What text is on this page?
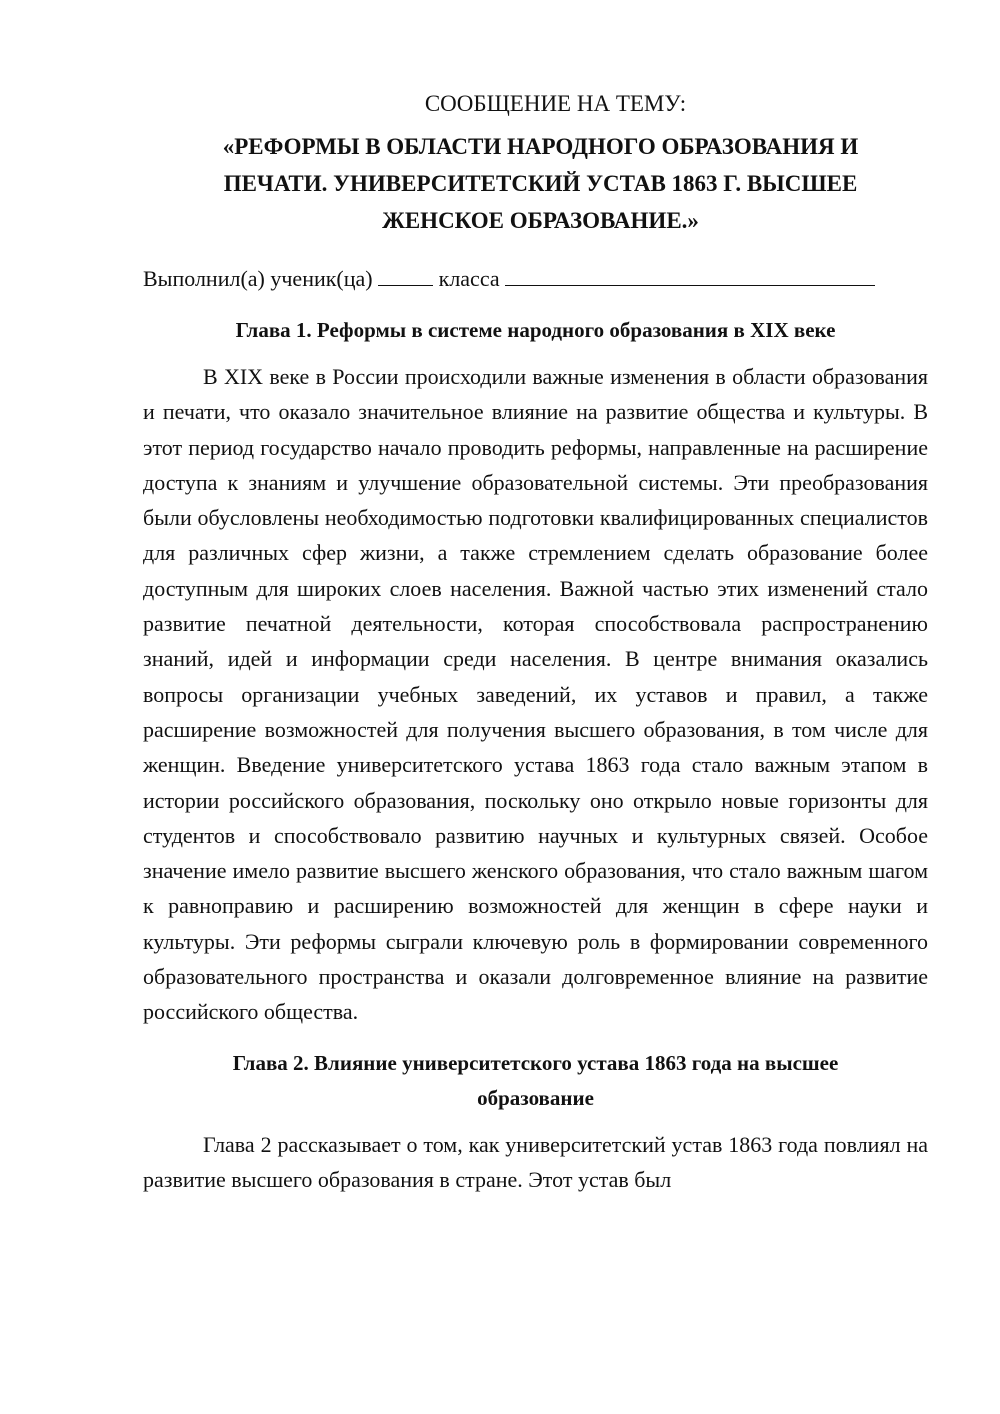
СООБЩЕНИЕ НА ТЕМУ:

«РЕФОРМЫ В ОБЛАСТИ НАРОДНОГО ОБРАЗОВАНИЯ И ПЕЧАТИ. УНИВЕРСИТЕТСКИЙ УСТАВ 1863 Г. ВЫСШЕЕ ЖЕНСКОЕ ОБРАЗОВАНИЕ.»

Выполнил(а) ученик(ца)	класса

Глава 1. Реформы в системе народного образования в XIX веке

В XIX веке в России происходили важные изменения в области образования и печати, что оказало значительное влияние на развитие общества и культуры. В этот период государство начало проводить реформы, направленные на расширение доступа к знаниям и улучшение образовательной системы. Эти преобразования были обусловлены необходимостью подготовки квалифицированных специалистов для различных сфер жизни, а также стремлением сделать образование более доступным для широких слоев населения. Важной частью этих изменений стало развитие печатной деятельности, которая способствовала распространению знаний, идей и информации среди населения. В центре внимания оказались вопросы организации учебных заведений, их уставов и правил, а также расширение возможностей для получения высшего образования, в том числе для женщин. Введение университетского устава 1863 года стало важным этапом в истории российского образования, поскольку оно открыло новые горизонты для студентов и способствовало развитию научных и культурных связей. Особое значение имело развитие высшего женского образования, что стало важным шагом к равноправию и расширению возможностей для женщин в сфере науки и культуры. Эти реформы сыграли ключевую роль в формировании современного образовательного пространства и оказали долговременное влияние на развитие российского общества.

Глава 2. Влияние университетского устава 1863 года на высшее образование

Глава 2 рассказывает о том, как университетский устав 1863 года повлиял на развитие высшего образования в стране. Этот устав был
